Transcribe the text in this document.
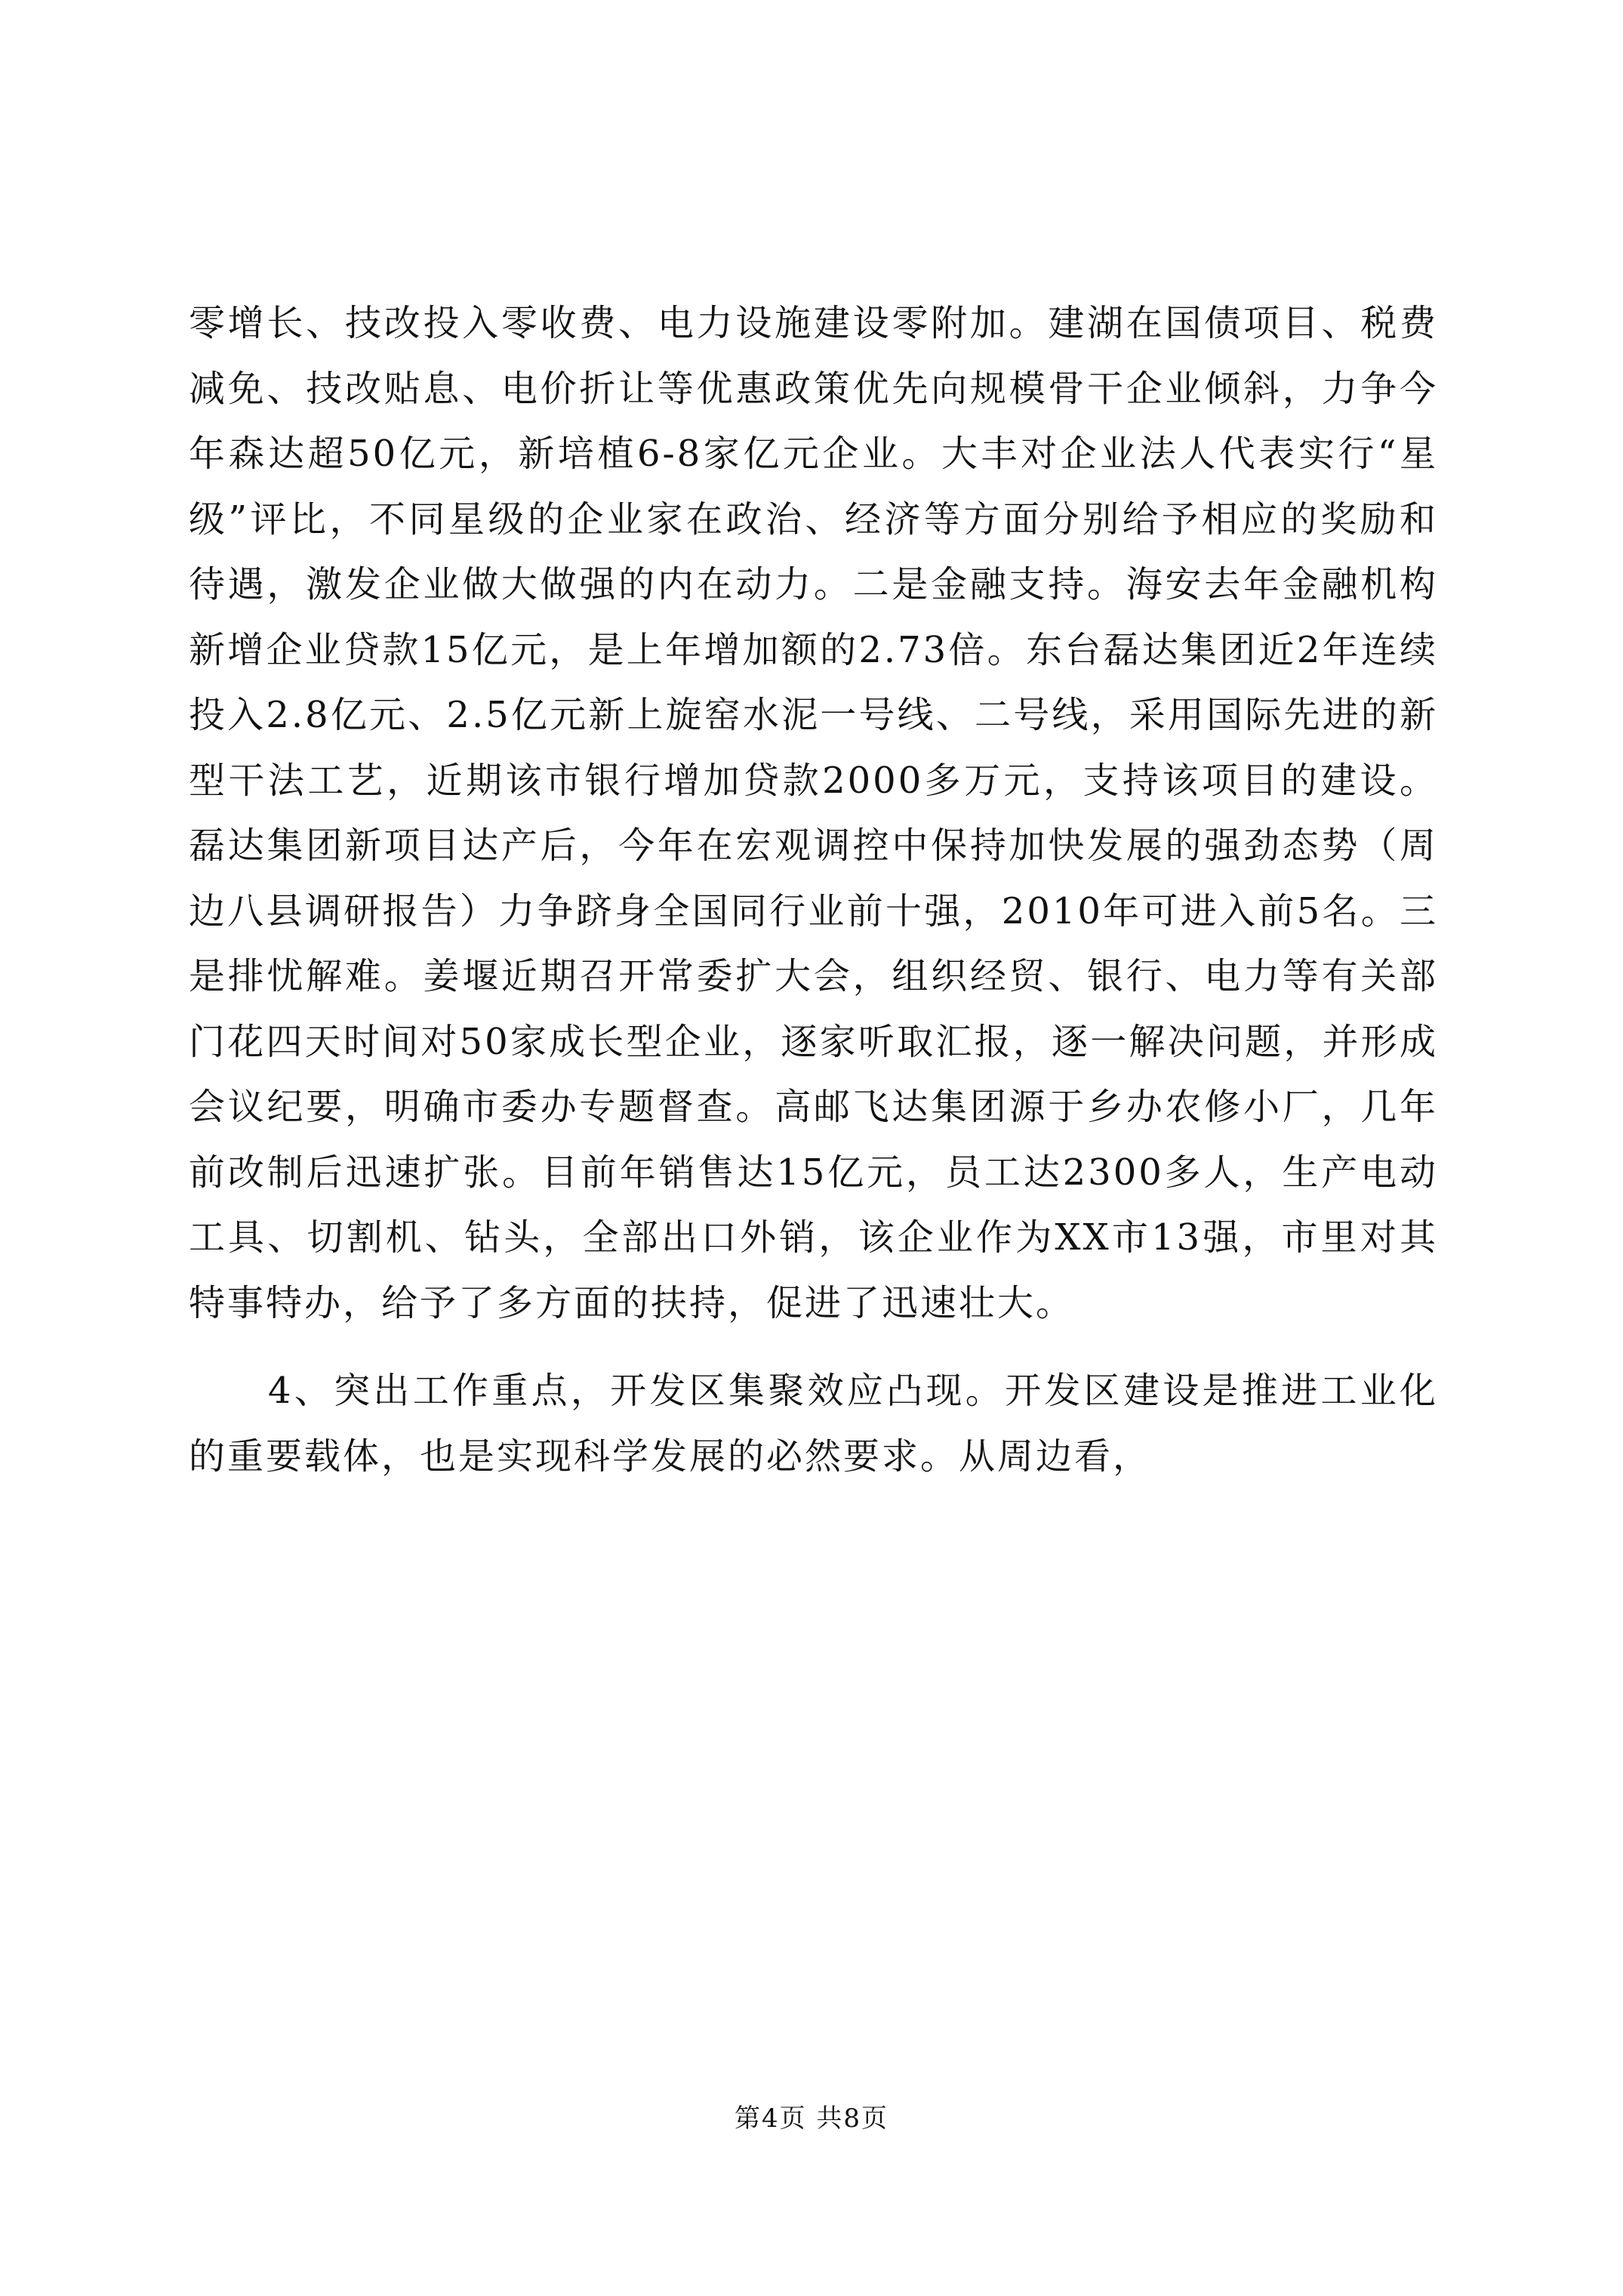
零增长、技改投入零收费、电力设施建设零附加。建湖在国债项目、税费减免、技改贴息、电价折让等优惠政策优先向规模骨干企业倾斜，力争今年森达超50亿元，新培植6-8家亿元企业。大丰对企业法人代表实行“星级”评比，不同星级的企业家在政治、经济等方面分别给予相应的奖励和待遇，激发企业做大做强的内在动力。二是金融支持。海安去年金融机构新增企业贷款15亿元，是上年增加额的2.73倍。东台磊达集团近2年连续投入2.8亿元、2.5亿元新上旋窑水泥一号线、二号线，采用国际先进的新型干法工艺，近期该市银行增加贷款2000多万元，支持该项目的建设。磊达集团新项目达产后，今年在宏观调控中保持加快发展的强劲态势（周边八县调研报告）力争跻身全国同行业前十强，2010年可进入前5名。三是排忧解难。姜堰近期召开常委扩大会，组织经贸、银行、电力等有关部门花四天时间对50家成长型企业，逐家听取汇报，逐一解决问题，并形成会议纪要，明确市委办专题督查。高邮飞达集团源于乡办农修小厂，几年前改制后迅速扩张。目前年销售达15亿元，员工达2300多人，生产电动工具、切割机、钻头，全部出口外销，该企业作为XX市13强，市里对其特事特办，给予了多方面的扶持，促进了迅速壮大。

4、突出工作重点，开发区集聚效应凸现。开发区建设是推进工业化的重要载体，也是实现科学发展的必然要求。从周边看，

第4页 共8页
